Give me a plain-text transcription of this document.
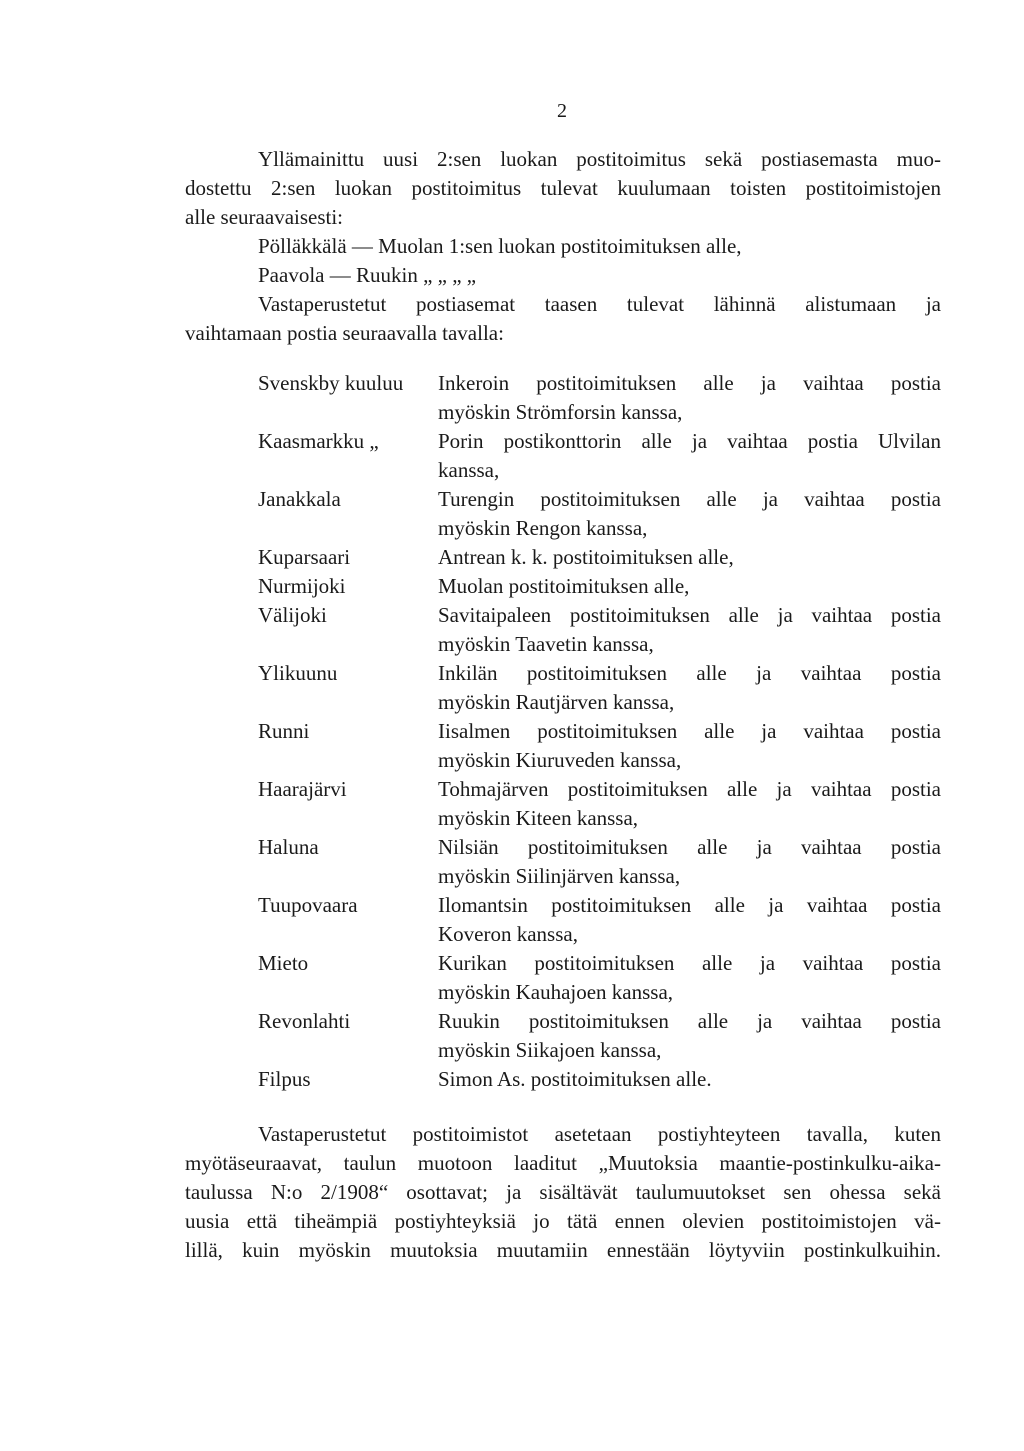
2
Yllämainittu uusi 2:sen luokan postitoimitus sekä postiasemasta muo-
dostettu 2:sen luokan postitoimitus tulevat kuulumaan toisten postitoimistojen
alle seuraavaisesti:
Pölläkkälä — Muolan 1:sen luokan postitoimituksen alle,
Paavola — Ruukin „ „ „ „
Vastaperustetut postiasemat taasen tulevat lähinnä alistumaan ja
vaihtamaan postia seuraavalla tavalla:
Svenskby kuuluu	Inkeroin postitoimituksen alle ja vaihtaa postia
myöskin Strömforsin kanssa,
Kaasmarkku „	Porin postikonttorin alle ja vaihtaa postia Ulvilan
kanssa,
Janakkala	Turengin postitoimituksen alle ja vaihtaa postia
myöskin Rengon kanssa,
Kuparsaari	Antrean k. k. postitoimituksen alle,
Nurmijoki	Muolan postitoimituksen alle,
Välijoki	Savitaipaleen postitoimituksen alle ja vaihtaa postia
myöskin Taavetin kanssa,
Ylikuunu	Inkilän postitoimituksen alle ja vaihtaa postia
myöskin Rautjärven kanssa,
Runni	Iisalmen postitoimituksen alle ja vaihtaa postia
myöskin Kiuruveden kanssa,
Haarajärvi	Tohmajärven postitoimituksen alle ja vaihtaa postia
myöskin Kiteen kanssa,
Haluna	Nilsiän postitoimituksen alle ja vaihtaa postia
myöskin Siilinjärven kanssa,
Tuupovaara	Ilomantsin postitoimituksen alle ja vaihtaa postia
Koveron kanssa,
Mieto	Kurikan postitoimituksen alle ja vaihtaa postia
myöskin Kauhajoen kanssa,
Revonlahti	Ruukin postitoimituksen alle ja vaihtaa postia
myöskin Siikajoen kanssa,
Filpus	Simon As. postitoimituksen alle.
Vastaperustetut postitoimistot asetetaan postiyhteyteen tavalla, kuten
myötäseuraavat, taulun muotoon laaditut „Muutoksia maantie-postinkulku-aika-
taulussa N:o 2/1908“ osottavat; ja sisältävät taulumuutokset sen ohessa sekä
uusia että tiheämpiä postiyhteyksiä jo tätä ennen olevien postitoimistojen vä-
lillä, kuin myöskin muutoksia muutamiin ennestään löytyviin postinkulkuihin.
